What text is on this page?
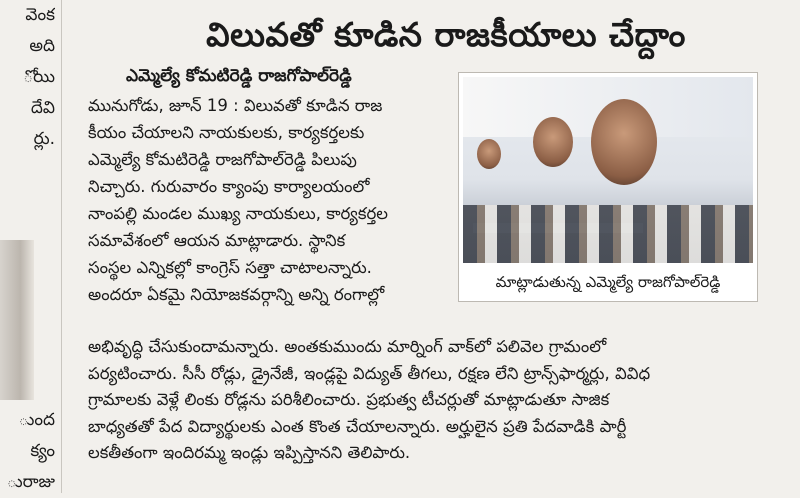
వెంక
అది
ోయి
దేవి
ర్లు.
ుంద
క్యం
ురాజు
విలువతో కూడిన రాజకీయాలు చేద్దాం
ఎమ్మెల్యే కోమటిరెడ్డి రాజగోపాల్‌రెడ్డి
మునుగోడు, జూన్ 19 : విలువతో కూడిన రాజ
కీయం చేయాలని నాయకులకు, కార్యకర్తలకు
ఎమ్మెల్యే కోమటిరెడ్డి రాజగోపాల్‌రెడ్డి పిలుపు
నిచ్చారు. గురువారం క్యాంపు కార్యాలయంలో
నాంపల్లి మండల ముఖ్య నాయకులు, కార్యకర్తల
సమావేశంలో ఆయన మాట్లాడారు. స్థానిక
సంస్థల ఎన్నికల్లో కాంగ్రెస్ సత్తా చాటాలన్నారు.
అందరూ ఏకమై నియోజకవర్గాన్ని అన్ని రంగాల్లో
మాట్లాడుతున్న ఎమ్మెల్యే రాజగోపాల్‌రెడ్డి
అభివృద్ధి చేసుకుందామన్నారు. అంతకుముందు మార్నింగ్ వాక్‌లో పలివెల గ్రామంలో
పర్యటించారు. సీసీ రోడ్లు, డ్రైనేజీ, ఇండ్లపై విద్యుత్ తీగలు, రక్షణ లేని ట్రాన్స్‌ఫార్మర్లు, వివిధ
గ్రామాలకు వెళ్లే లింకు రోడ్లను పరిశీలించారు. ప్రభుత్వ టీచర్లుతో మాట్లాడుతూ సాజిక
బాధ్యతతో పేద విద్యార్థులకు ఎంత కొంత చేయాలన్నారు. అర్హులైన ప్రతి పేదవాడికి పార్టీ
లకతీతంగా ఇందిరమ్మ ఇండ్లు ఇప్పిస్తానని తెలిపారు.
